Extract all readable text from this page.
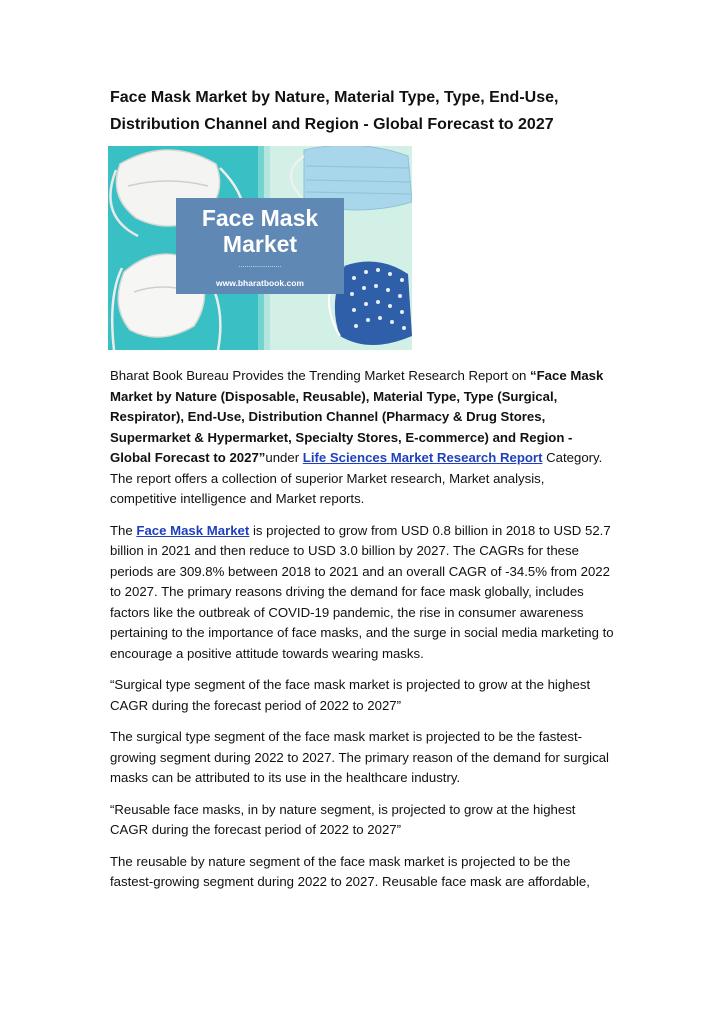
Face Mask Market by Nature, Material Type, Type, End-Use, Distribution Channel and Region - Global Forecast to 2027
Face Mask
Market
......................
www.bharatbook.com

Bharat Book Bureau Provides the Trending Market Research Report on “Face Mask Market by Nature (Disposable, Reusable), Material Type, Type (Surgical, Respirator), End-Use, Distribution Channel (Pharmacy & Drug Stores, Supermarket & Hypermarket, Specialty Stores, E-commerce) and Region - Global Forecast to 2027”under Life Sciences Market Research Report Category. The report offers a collection of superior Market research, Market analysis, competitive intelligence and Market reports.

The Face Mask Market is projected to grow from USD 0.8 billion in 2018 to USD 52.7 billion in 2021 and then reduce to USD 3.0 billion by 2027. The CAGRs for these periods are 309.8% between 2018 to 2021 and an overall CAGR of -34.5% from 2022 to 2027. The primary reasons driving the demand for face mask globally, includes factors like the outbreak of COVID-19 pandemic, the rise in consumer awareness pertaining to the importance of face masks, and the surge in social media marketing to encourage a positive attitude towards wearing masks.

“Surgical type segment of the face mask market is projected to grow at the highest CAGR during the forecast period of 2022 to 2027”

The surgical type segment of the face mask market is projected to be the fastest-growing segment during 2022 to 2027. The primary reason of the demand for surgical masks can be attributed to its use in the healthcare industry.

“Reusable face masks, in by nature segment, is projected to grow at the highest CAGR during the forecast period of 2022 to 2027”

The reusable by nature segment of the face mask market is projected to be the fastest-growing segment during 2022 to 2027. Reusable face mask are affordable,
